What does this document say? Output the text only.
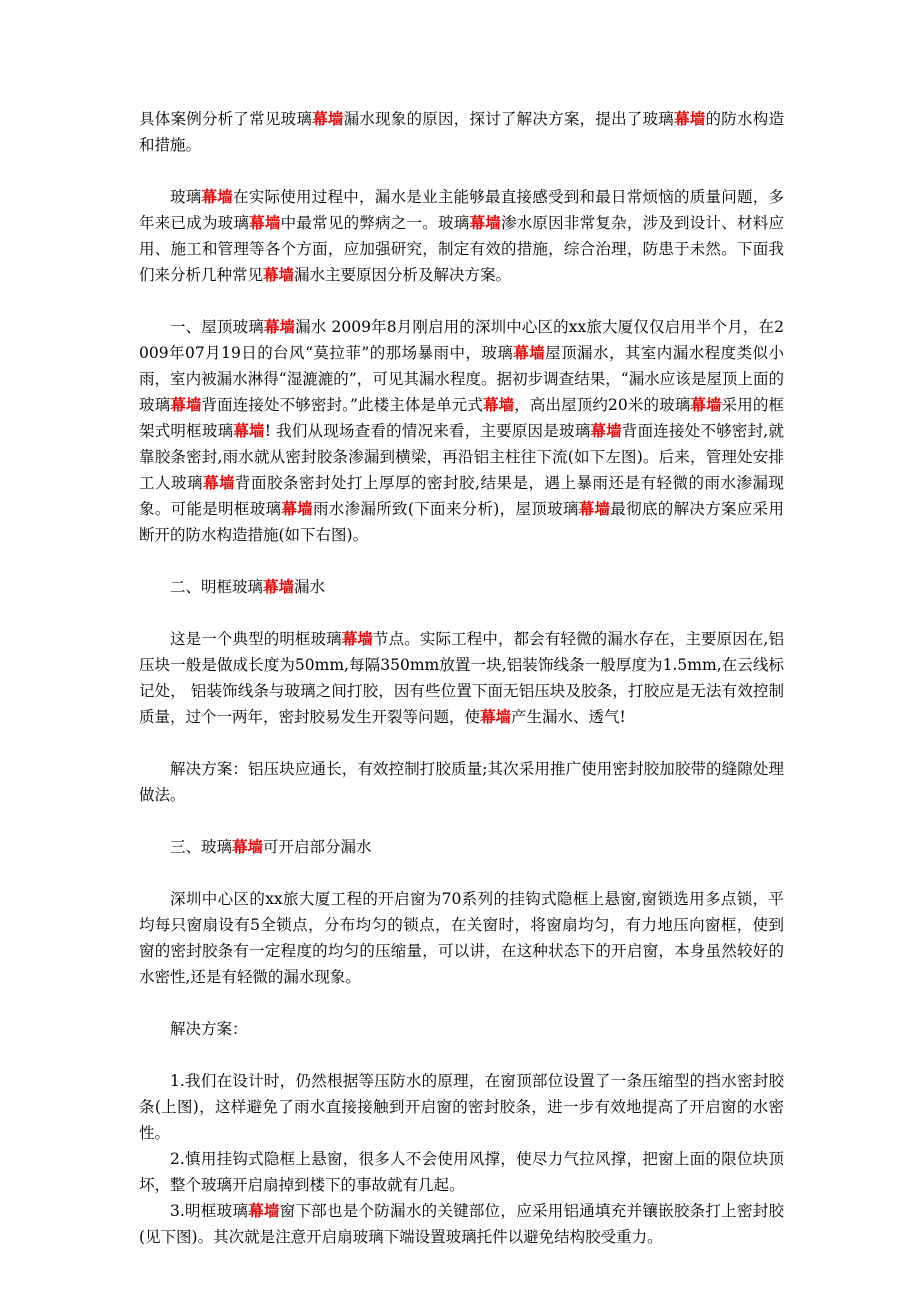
具体案例分析了常见玻璃幕墙漏水现象的原因，探讨了解决方案，提出了玻璃幕墙的防水构造和措施。

玻璃幕墙在实际使用过程中，漏水是业主能够最直接感受到和最日常烦恼的质量问题，多年来已成为玻璃幕墙中最常见的弊病之一。玻璃幕墙渗水原因非常复杂，涉及到设计、材料应用、施工和管理等各个方面，应加强研究，制定有效的措施，综合治理，防患于未然。下面我们来分析几种常见幕墙漏水主要原因分析及解决方案。

一、屋顶玻璃幕墙漏水 2009年8月刚启用的深圳中心区的xx旅大厦仅仅启用半个月，在2009年07月19日的台风“莫拉菲”的那场暴雨中，玻璃幕墙屋顶漏水，其室内漏水程度类似小雨，室内被漏水淋得“湿漉漉的”，可见其漏水程度。据初步调查结果，“漏水应该是屋顶上面的玻璃幕墙背面连接处不够密封。”此楼主体是单元式幕墙，高出屋顶约20米的玻璃幕墙采用的框架式明框玻璃幕墙! 我们从现场查看的情况来看，主要原因是玻璃幕墙背面连接处不够密封,就靠胶条密封,雨水就从密封胶条渗漏到横梁，再沿铝主柱往下流(如下左图)。后来，管理处安排工人玻璃幕墙背面胶条密封处打上厚厚的密封胶,结果是，遇上暴雨还是有轻微的雨水渗漏现象。可能是明框玻璃幕墙雨水渗漏所致(下面来分析)，屋顶玻璃幕墙最彻底的解决方案应采用断开的防水构造措施(如下右图)。

二、明框玻璃幕墙漏水

这是一个典型的明框玻璃幕墙节点。实际工程中，都会有轻微的漏水存在，主要原因在,铝压块一般是做成长度为50mm,每隔350mm放置一块,铝装饰线条一般厚度为1.5mm,在云线标记处， 铝装饰线条与玻璃之间打胶，因有些位置下面无铝压块及胶条，打胶应是无法有效控制质量，过个一两年，密封胶易发生开裂等问题，使幕墙产生漏水、透气!

解决方案：铝压块应通长，有效控制打胶质量;其次采用推广使用密封胶加胶带的缝隙处理做法。

三、玻璃幕墙可开启部分漏水

深圳中心区的xx旅大厦工程的开启窗为70系列的挂钩式隐框上悬窗,窗锁选用多点锁，平均每只窗扇设有5全锁点，分布均匀的锁点，在关窗时，将窗扇均匀，有力地压向窗框，使到窗的密封胶条有一定程度的均匀的压缩量，可以讲，在这种状态下的开启窗，本身虽然较好的水密性,还是有轻微的漏水现象。

解决方案：

1.我们在设计时，仍然根据等压防水的原理，在窗顶部位设置了一条压缩型的挡水密封胶条(上图)，这样避免了雨水直接接触到开启窗的密封胶条，进一步有效地提高了开启窗的水密性。

2.慎用挂钩式隐框上悬窗，很多人不会使用风撑，使尽力气拉风撑，把窗上面的限位块顶坏，整个玻璃开启扇掉到楼下的事故就有几起。

3.明框玻璃幕墙窗下部也是个防漏水的关键部位，应采用铝通填充并镶嵌胶条打上密封胶(见下图)。其次就是注意开启扇玻璃下端设置玻璃托件以避免结构胶受重力。
